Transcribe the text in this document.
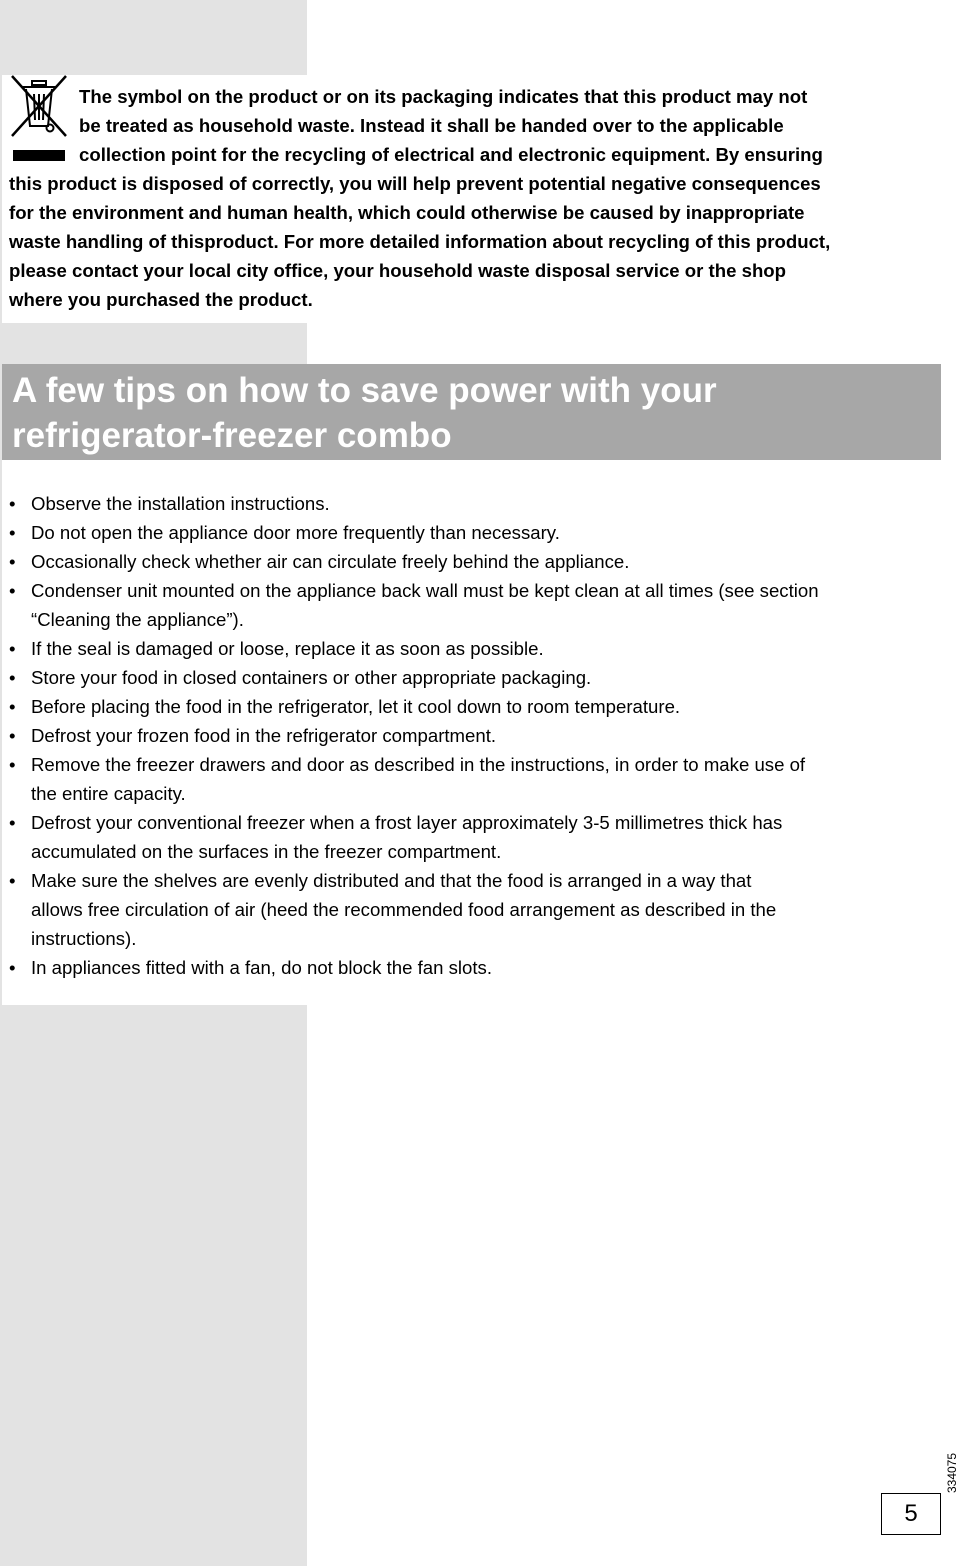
The symbol on the product or on its packaging indicates that this product may not

be treated as household waste. Instead it shall be handed over to the applicable

collection point for the recycling of electrical and electronic equipment. By ensuring

this product is disposed of correctly, you will help prevent potential negative consequences

for the environment and human health, which could otherwise be caused by inappropriate

waste handling of thisproduct. For more detailed information about recycling of this product,

please contact your local city office, your household waste disposal service or the shop

where you purchased the product.

A few tips on how to save power with your
refrigerator-freezer combo
• Observe the installation instructions.
• Do not open the appliance door more frequently than necessary.
• Occasionally check whether air can circulate freely behind the appliance.
• Condenser unit mounted on the appliance back wall must be kept clean at all times (see section
“Cleaning the appliance”).
• If the seal is damaged or loose, replace it as soon as possible.
• Store your food in closed containers or other appropriate packaging.
• Before placing the food in the refrigerator, let it cool down to room temperature.
• Defrost your frozen food in the refrigerator compartment.
• Remove the freezer drawers and door as described in the instructions, in order to make use of
the entire capacity.
• Defrost your conventional freezer when a frost layer approximately 3-5 millimetres thick has
accumulated on the surfaces in the freezer compartment.
• Make sure the shelves are evenly distributed and that the food is arranged in a way that
allows free circulation of air (heed the recommended food arrangement as described in the
instructions).
• In appliances fitted with a fan, do not block the fan slots.
334075
5
